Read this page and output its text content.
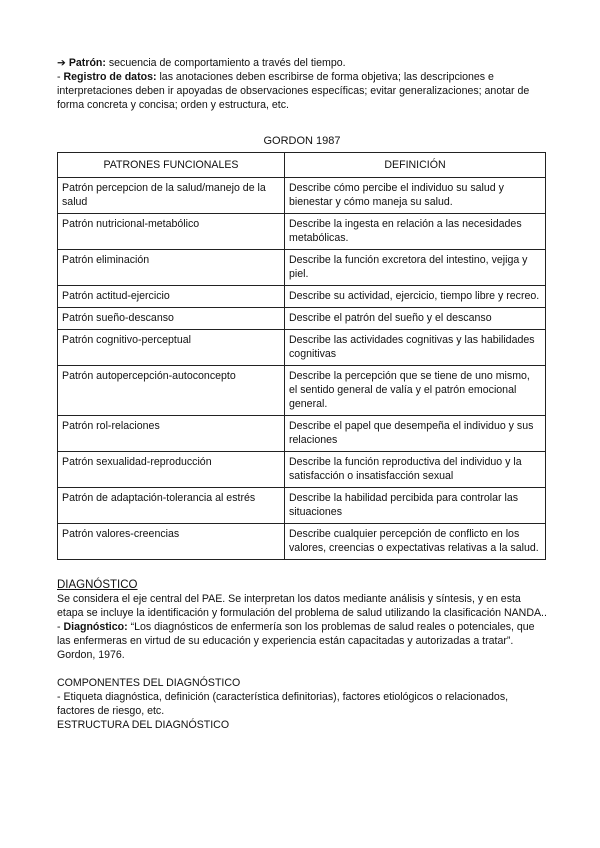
➔ Patrón: secuencia de comportamiento a través del tiempo.

- Registro de datos: las anotaciones deben escribirse de forma objetiva; las descripciones e interpretaciones deben ir apoyadas de observaciones específicas; evitar generalizaciones; anotar de forma concreta y concisa; orden y estructura, etc.

GORDON 1987
PATRONES FUNCIONALES	DEFINICIÓN
Patrón percepcion de la salud/manejo de la salud	Describe cómo percibe el individuo su salud y bienestar y cómo maneja su salud.
Patrón nutricional-metabólico	Describe la ingesta en relación a las necesidades metabólicas.
Patrón eliminación	Describe la función excretora del intestino, vejiga y piel.
Patrón actitud-ejercicio	Describe su actividad, ejercicio, tiempo libre y recreo.
Patrón sueño-descanso	Describe el patrón del sueño y el descanso
Patrón cognitivo-perceptual	Describe las actividades cognitivas y las habilidades cognitivas
Patrón autopercepción-autoconcepto	Describe la percepción que se tiene de uno mismo, el sentido general de valía y el patrón emocional general.
Patrón rol-relaciones	Describe el papel que desempeña el individuo y sus relaciones
Patrón sexualidad-reproducción	Describe la función reproductiva del individuo y la satisfacción o insatisfacción sexual
Patrón de adaptación-tolerancia al estrés	Describe la habilidad percibida para controlar las situaciones
Patrón valores-creencias	Describe cualquier percepción de conflicto en los valores, creencias o expectativas relativas a la salud.

DIAGNÓSTICO

Se considera el eje central del PAE. Se interpretan los datos mediante análisis y síntesis, y en esta etapa se incluye la identificación y formulación del problema de salud utilizando la clasificación NANDA..

- Diagnóstico: “Los diagnósticos de enfermería son los problemas de salud reales o potenciales, que las enfermeras en virtud de su educación y experiencia están capacitadas y autorizadas a tratar”. Gordon, 1976.

COMPONENTES DEL DIAGNÓSTICO

- Etiqueta diagnóstica, definición (característica definitorias), factores etiológicos o relacionados, factores de riesgo, etc.

ESTRUCTURA DEL DIAGNÓSTICO
